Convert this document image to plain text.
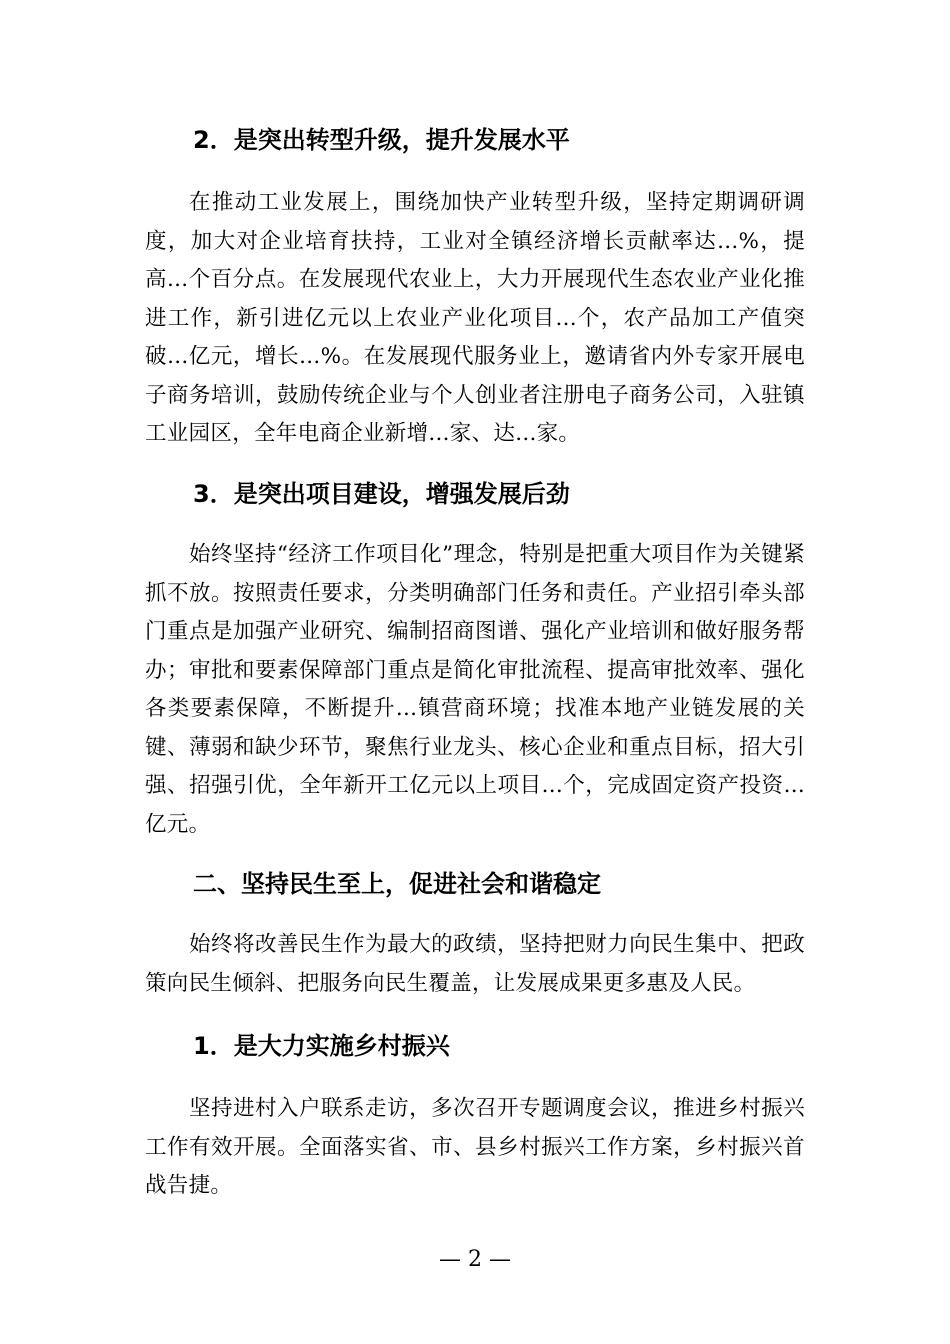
2．是突出转型升级，提升发展水平
在推动工业发展上，围绕加快产业转型升级，坚持定期调研调度，加大对企业培育扶持，工业对全镇经济增长贡献率达...%，提高...个百分点。在发展现代农业上，大力开展现代生态农业产业化推进工作，新引进亿元以上农业产业化项目...个，农产品加工产值突破...亿元，增长...%。在发展现代服务业上，邀请省内外专家开展电子商务培训，鼓励传统企业与个人创业者注册电子商务公司，入驻镇工业园区，全年电商企业新增...家、达...家。
3．是突出项目建设，增强发展后劲
始终坚持“经济工作项目化”理念，特别是把重大项目作为关键紧抓不放。按照责任要求，分类明确部门任务和责任。产业招引牵头部门重点是加强产业研究、编制招商图谱、强化产业培训和做好服务帮办；审批和要素保障部门重点是简化审批流程、提高审批效率、强化各类要素保障，不断提升...镇营商环境；找准本地产业链发展的关键、薄弱和缺少环节，聚焦行业龙头、核心企业和重点目标，招大引强、招强引优，全年新开工亿元以上项目...个，完成固定资产投资...亿元。
二、坚持民生至上，促进社会和谐稳定
始终将改善民生作为最大的政绩，坚持把财力向民生集中、把政策向民生倾斜、把服务向民生覆盖，让发展成果更多惠及人民。
1．是大力实施乡村振兴
坚持进村入户联系走访，多次召开专题调度会议，推进乡村振兴工作有效开展。全面落实省、市、县乡村振兴工作方案，乡村振兴首战告捷。
— 2 —
